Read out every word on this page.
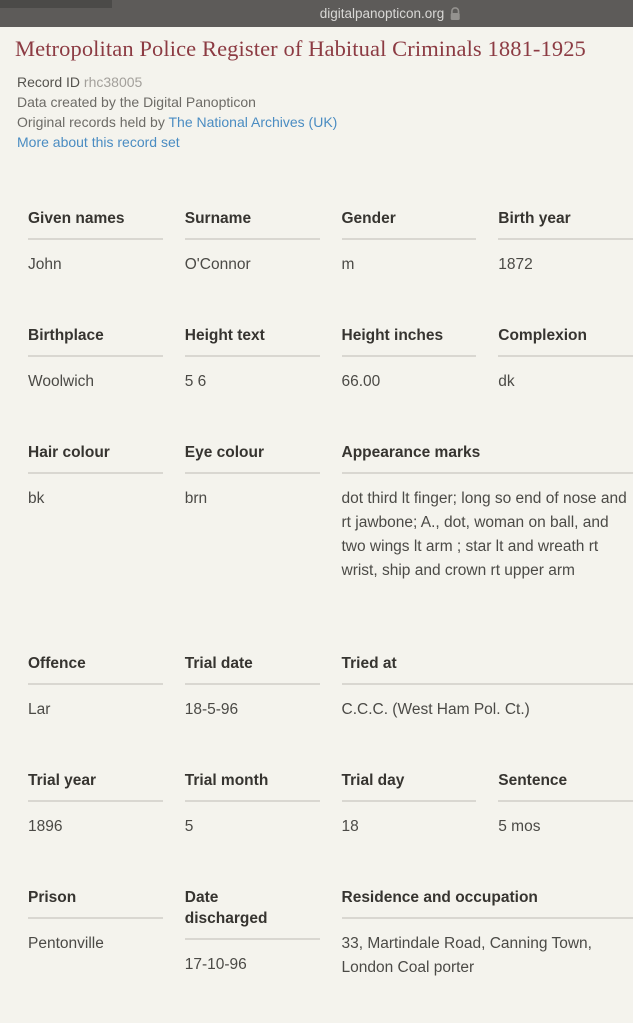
digitalpanopticon.org
Metropolitan Police Register of Habitual Criminals 1881-1925
Record ID rhc38005
Data created by the Digital Panopticon
Original records held by The National Archives (UK)
More about this record set
Given names
John
Surname
O'Connor
Gender
m
Birth year
1872
Birthplace
Woolwich
Height text
5 6
Height inches
66.00
Complexion
dk
Hair colour
bk
Eye colour
brn
Appearance marks
dot third lt finger; long so end of nose and rt jawbone; A., dot, woman on ball, and two wings lt arm ; star lt and wreath rt wrist, ship and crown rt upper arm
Offence
Lar
Trial date
18-5-96
Tried at
C.C.C. (West Ham Pol. Ct.)
Trial year
1896
Trial month
5
Trial day
18
Sentence
5 mos
Prison
Pentonville
Date discharged
17-10-96
Residence and occupation
33, Martindale Road, Canning Town, London Coal porter
